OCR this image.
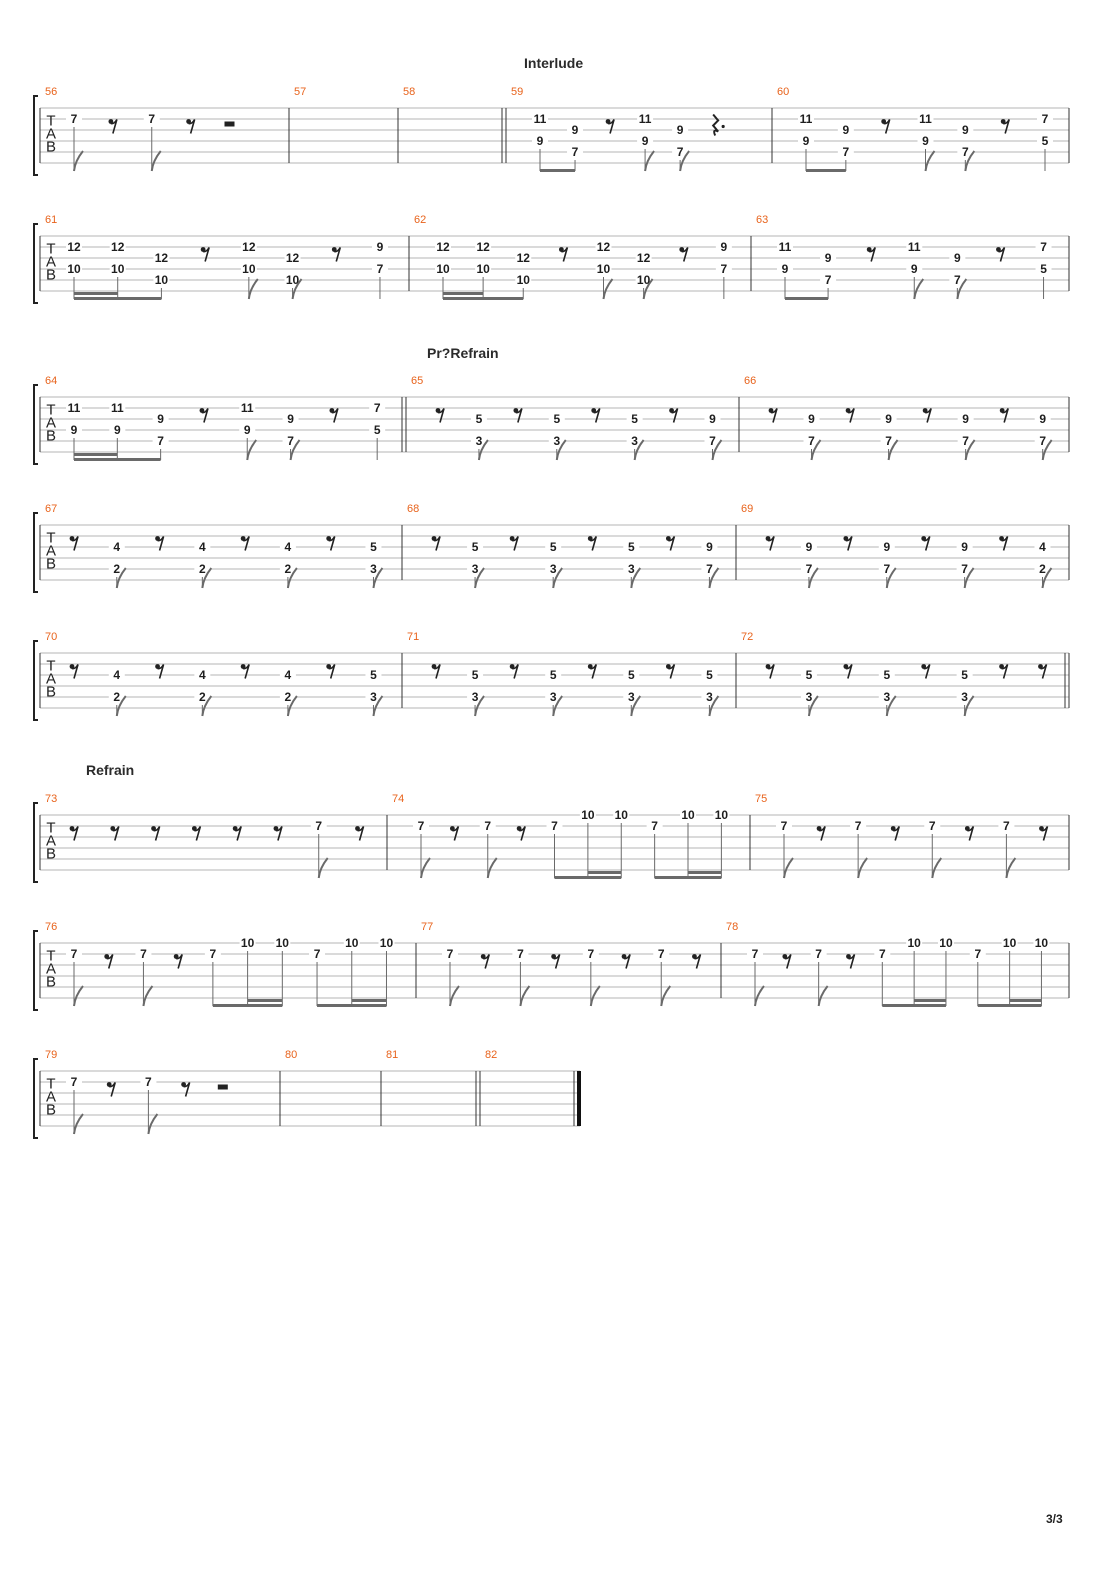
T
A
B
56
7	7
57	58	59
11
9
9
7
11
9
9
7
60
11
9
9
7
11
9
9
7
7
5
T
A
B
61
12
10
12
10
12
10
12
10
12
10
9
7
62
12
10
12
10
12
10
12
10
12
10
9
7
63
11
9
9
7
11
9
9
7
7
5
T
A
B
64
11
9
11
9
9
7
11
9
9
7
7
5
65
5
3
5
3
5
3
9
7
66
9
7
9
7
9
7
9
7
T
A
B
67
4
2
4
2
4
2
5
3
68
5
3
5
3
5
3
9
7
69
9
7
9
7
9
7
4
2
T
A
B
70
4
2
4
2
4
2
5
3
71
5
3
5
3
5
3
5
3
72
5
3
5
3
5
3
T
A
B
73
7
74
7	7	7
10 10
7
10 10
75
7	7	7	7
T
A
B
76
7	7	7
10 10
7
10 10
77
7	7	7	7
78
7	7	7
10 10
7
10 10
T
A
B
79
7	7
80	81	82
Interlude
Pr?Refrain
Refrain
3/3
